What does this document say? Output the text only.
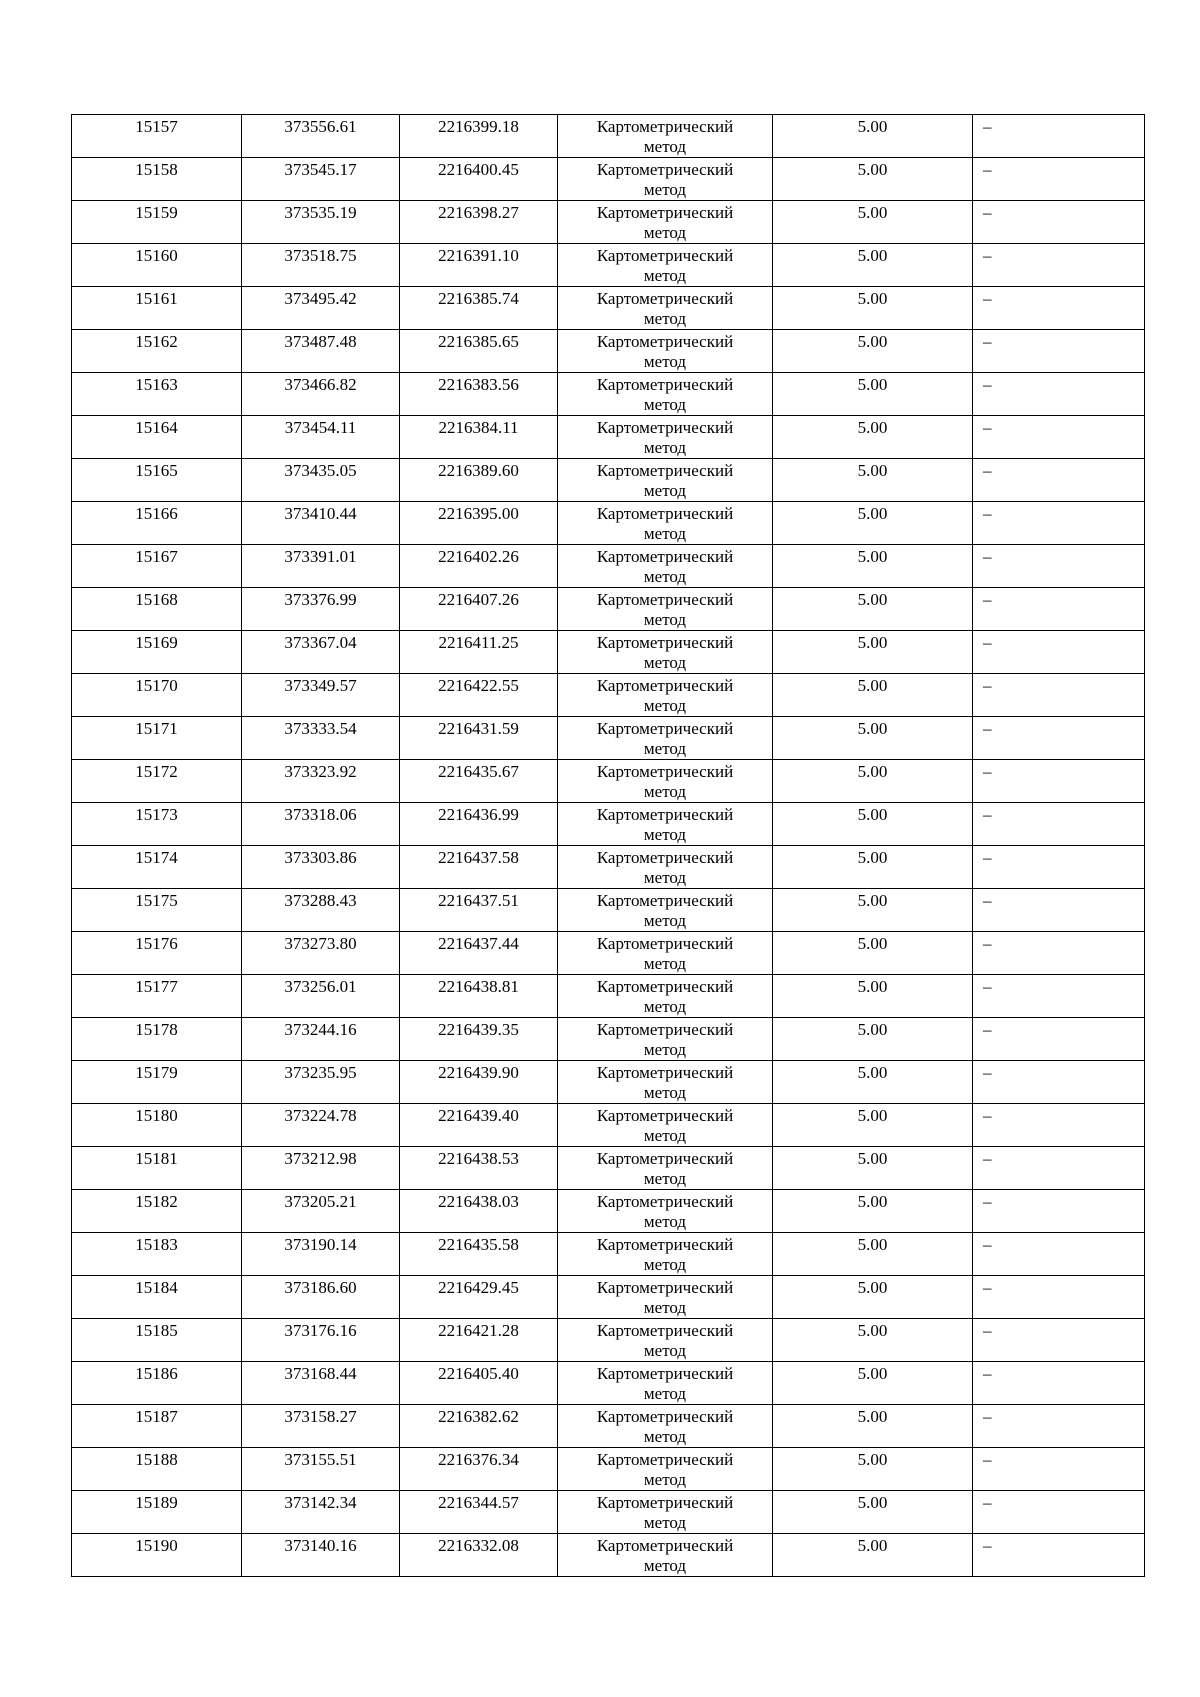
15157	373556.61	2216399.18	Картометрический метод	5.00	–
15158	373545.17	2216400.45	Картометрический метод	5.00	–
15159	373535.19	2216398.27	Картометрический метод	5.00	–
15160	373518.75	2216391.10	Картометрический метод	5.00	–
15161	373495.42	2216385.74	Картометрический метод	5.00	–
15162	373487.48	2216385.65	Картометрический метод	5.00	–
15163	373466.82	2216383.56	Картометрический метод	5.00	–
15164	373454.11	2216384.11	Картометрический метод	5.00	–
15165	373435.05	2216389.60	Картометрический метод	5.00	–
15166	373410.44	2216395.00	Картометрический метод	5.00	–
15167	373391.01	2216402.26	Картометрический метод	5.00	–
15168	373376.99	2216407.26	Картометрический метод	5.00	–
15169	373367.04	2216411.25	Картометрический метод	5.00	–
15170	373349.57	2216422.55	Картометрический метод	5.00	–
15171	373333.54	2216431.59	Картометрический метод	5.00	–
15172	373323.92	2216435.67	Картометрический метод	5.00	–
15173	373318.06	2216436.99	Картометрический метод	5.00	–
15174	373303.86	2216437.58	Картометрический метод	5.00	–
15175	373288.43	2216437.51	Картометрический метод	5.00	–
15176	373273.80	2216437.44	Картометрический метод	5.00	–
15177	373256.01	2216438.81	Картометрический метод	5.00	–
15178	373244.16	2216439.35	Картометрический метод	5.00	–
15179	373235.95	2216439.90	Картометрический метод	5.00	–
15180	373224.78	2216439.40	Картометрический метод	5.00	–
15181	373212.98	2216438.53	Картометрический метод	5.00	–
15182	373205.21	2216438.03	Картометрический метод	5.00	–
15183	373190.14	2216435.58	Картометрический метод	5.00	–
15184	373186.60	2216429.45	Картометрический метод	5.00	–
15185	373176.16	2216421.28	Картометрический метод	5.00	–
15186	373168.44	2216405.40	Картометрический метод	5.00	–
15187	373158.27	2216382.62	Картометрический метод	5.00	–
15188	373155.51	2216376.34	Картометрический метод	5.00	–
15189	373142.34	2216344.57	Картометрический метод	5.00	–
15190	373140.16	2216332.08	Картометрический метод	5.00	–
